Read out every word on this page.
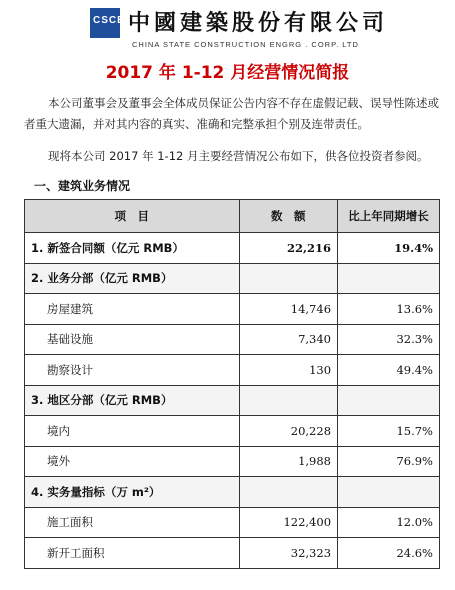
CSCEC
中國建築股份有限公司
CHINA STATE CONSTRUCTION ENGRG . CORP. LTD
2017 年 1-12 月经营情况简报
本公司董事会及董事会全体成员保证公告内容不存在虚假记载、误导性陈述或者重大遗漏，并对其内容的真实、准确和完整承担个别及连带责任。
现将本公司 2017 年 1-12 月主要经营情况公布如下，供各位投资者参阅。
一、建筑业务情况
项　目	数　额	比上年同期增长
1. 新签合同额（亿元 RMB）	22,216	19.4%
2. 业务分部（亿元 RMB）		
房屋建筑	14,746	13.6%
基础设施	7,340	32.3%
勘察设计	130	49.4%
3. 地区分部（亿元 RMB）		
境内	20,228	15.7%
境外	1,988	76.9%
4. 实务量指标（万 m²）		
施工面积	122,400	12.0%
新开工面积	32,323	24.6%
